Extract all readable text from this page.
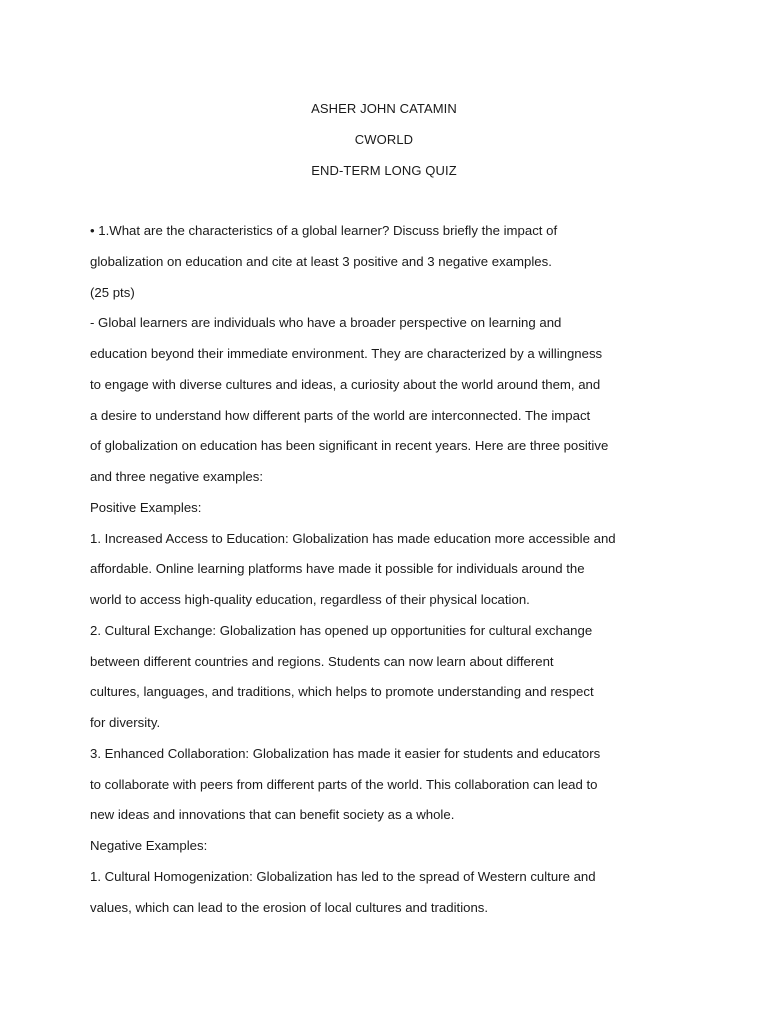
ASHER JOHN CATAMIN
CWORLD
END-TERM LONG QUIZ
• 1.What are the characteristics of a global learner? Discuss briefly the impact of
globalization on education and cite at least 3 positive and 3 negative examples.
(25 pts)
- Global learners are individuals who have a broader perspective on learning and
education beyond their immediate environment. They are characterized by a willingness
to engage with diverse cultures and ideas, a curiosity about the world around them, and
a desire to understand how different parts of the world are interconnected. The impact
of globalization on education has been significant in recent years. Here are three positive
and three negative examples:
Positive Examples:
1. Increased Access to Education: Globalization has made education more accessible and
affordable. Online learning platforms have made it possible for individuals around the
world to access high-quality education, regardless of their physical location.
2. Cultural Exchange: Globalization has opened up opportunities for cultural exchange
between different countries and regions. Students can now learn about different
cultures, languages, and traditions, which helps to promote understanding and respect
for diversity.
3. Enhanced Collaboration: Globalization has made it easier for students and educators
to collaborate with peers from different parts of the world. This collaboration can lead to
new ideas and innovations that can benefit society as a whole.
Negative Examples:
1. Cultural Homogenization: Globalization has led to the spread of Western culture and
values, which can lead to the erosion of local cultures and traditions.
